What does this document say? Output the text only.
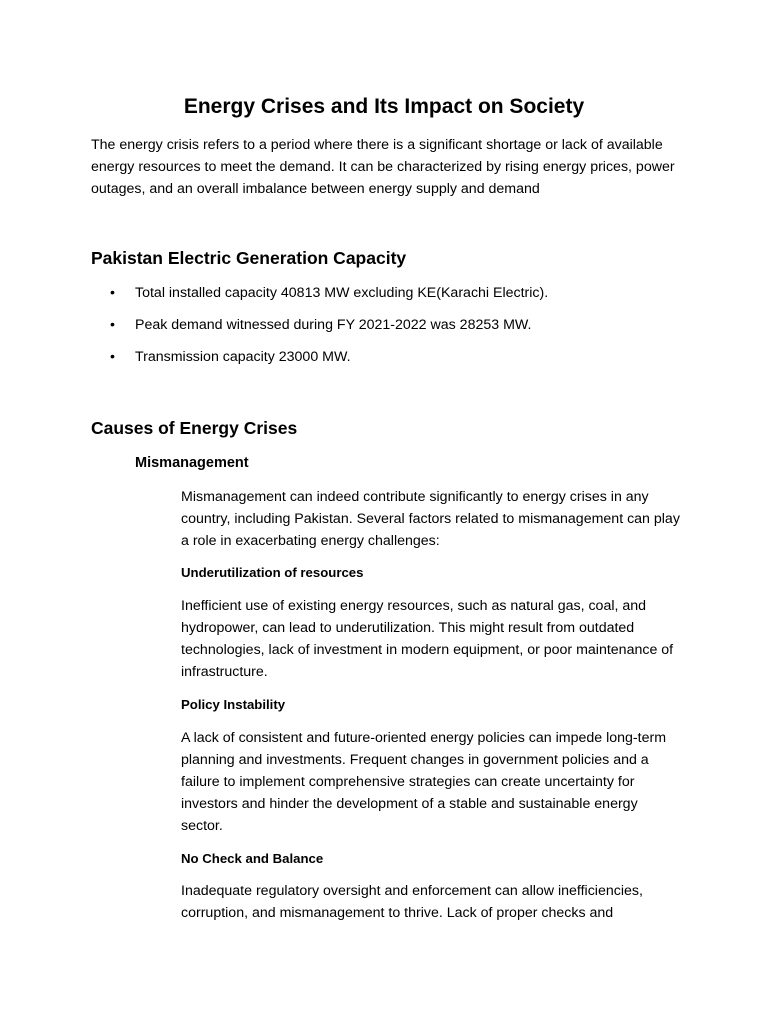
Energy Crises and Its Impact on Society

The energy crisis refers to a period where there is a significant shortage or lack of available energy resources to meet the demand. It can be characterized by rising energy prices, power outages, and an overall imbalance between energy supply and demand

Pakistan Electric Generation Capacity
• Total installed capacity 40813 MW excluding KE(Karachi Electric).
• Peak demand witnessed during FY 2021-2022 was 28253 MW.
• Transmission capacity 23000 MW.
Causes of Energy Crises
Mismanagement

Mismanagement can indeed contribute significantly to energy crises in any country, including Pakistan. Several factors related to mismanagement can play a role in exacerbating energy challenges:

Underutilization of resources

Inefficient use of existing energy resources, such as natural gas, coal, and hydropower, can lead to underutilization. This might result from outdated technologies, lack of investment in modern equipment, or poor maintenance of infrastructure.

Policy Instability

A lack of consistent and future-oriented energy policies can impede long-term planning and investments. Frequent changes in government policies and a failure to implement comprehensive strategies can create uncertainty for investors and hinder the development of a stable and sustainable energy sector.

No Check and Balance

Inadequate regulatory oversight and enforcement can allow inefficiencies, corruption, and mismanagement to thrive. Lack of proper checks and
